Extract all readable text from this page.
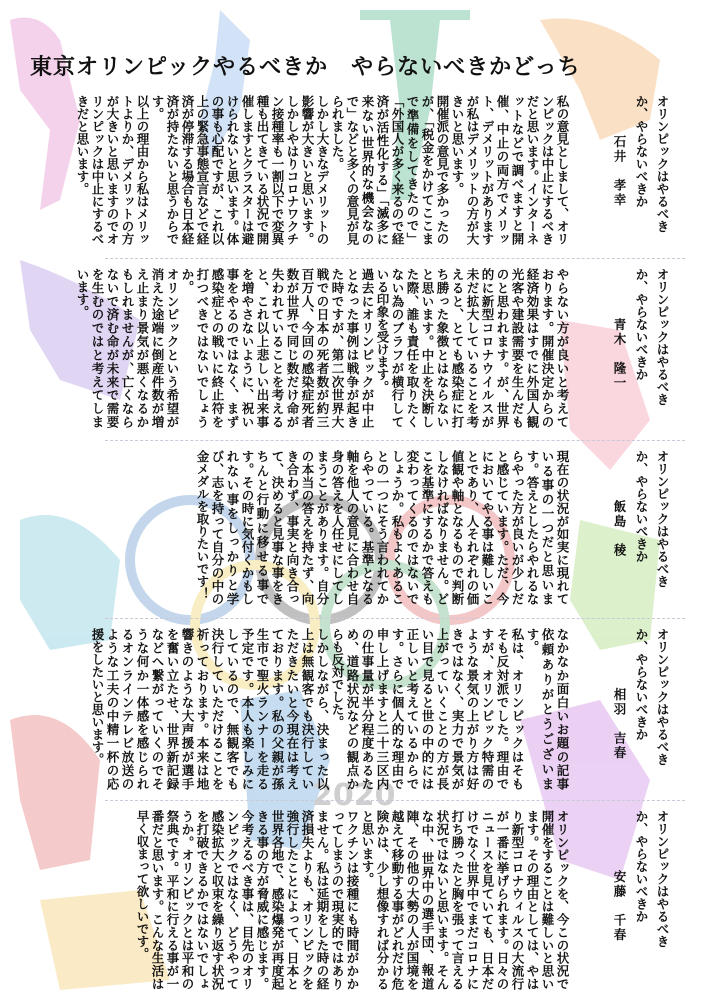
2020
東京オリンピックやるべきか　やらないべきかどっち
オリンピックはやるべき
か、やらないべきか
石井　孝幸

私の意見としまして、オリンピックは中止にするべきだと思います。インターネットなどで調べますと開催、中止の両方でメリット、デメリットがありますが私はデメリットの方が大きいと思います。

開催派の意見で多かったのが、「税金をかけてここまで準備をしてきたので」「外国人が多く来るので経済が活性化する」「滅多に来ない世界的な機会なので」などと多くの意見が見られました。

しかし大きなデメリットの影響が大きいと思います。しかしやはりコロナワクチン接種率も一割以下で変異種も出てきている状況で開催しますとクラスターは避けられないと思います。体の事も心配ですが、これ以上の緊急事態宣言などで経済が停滞する場合も日本経済が持たないと思うからです。

以上の理由から私はメリットよりか、デメリットの方が大きいと思いますのでオリンピックは中止にするべきだと思います。

オリンピックはやるべき
か、やらないべきか
青木　隆一

やらない方が良いと考えております。開催決定からの経済効果はすでに外国人観光客や建設需要を生んだものと思われます。が、世界的に新型コロナウイルスが未だ拡大していることを考えると、とても感染症に打ち勝った象徴とはならないと思います。中止を決断した際、誰も責任を取りたくない為のブラフが横行している印象を受けます。

過去にオリンピックが中止となった事例は戦争が起きた時ですが、第二次世界大戦での日本の死者数が約三百万人、今回の感染症死者数が世界で同じ数だけ命が失われていることを考えると、これ以上悲しい出来事を増やさないように、祝い事をやるのではなく、まず感染症との戦いに終止符を打つべきではないでしょうか。

オリンピックという希望が消えた途端に倒産件数が増え止まり景気が悪くなるかもしれませんが、亡くならないで済む命が未来で需要を生むのではと考えてしまいます。

オリンピックはやるべき
か、やらないべきか
飯島　稜

現在の状況が如実に現れている事の一つだと思います。答えとしたらやれるならやった方が良いが少しだと感じています。ただ、今においてやる事は難しいことであり、人それぞれの価値観や軸となるもので判断しなければなりません。どこを基準にするかで答えも変わってくるのではないでしょうか。私もよくあることの一つにそう言われてからやっている。基準となる軸を他人の意見に合わせ自身の答えを人任せにしてしまうことがあります。自分の本当の答えを持たず、向き合わず、事実と向き合って、決めると見事な事をきちんと行動に移せる事です。その時に気付くかもしれない事をしっかりと学び、志を持って自分の中の金メダルを取りたいです！

オリンピックはやるべき
か、やらないべきか
相羽　吉春

なかなか面白いお題の記事依頼ありがとうございます。

私は、オリンピックはそもそも反対派でした。理由ですが、オリンピック特需のような景気の上がり方は好きではなく、実力で景気が上がっていくことの方が長い目で見ると世の中的には正しいと考えているからです。さらに個人的な理由で申し上げますと二十三区内の仕事量が半分程度あるため、道路状況などの観点からも反対でした。

しかしながら、決まった以上は無観客でも決行していただきたいと今現在は考えております。私の父親が孫生市で聖火ランナーを走る予定です。本人も楽しみにしているので、無観客でも決行していただけることを祈っております。本来は地響きのような大声援が選手を奮い立たせ、世界新記録などへ繋がっていくのでそうな何か一体感を感じられるオンラインテレビ放送のような工夫の中精一杯の応援をしたいと思います。

オリンピックはやるべき
か、やらないべきか
安藤　千春

オリンピックを、今この状況で開催をすることは難しいと思います。その理由としては、やはり新型コロナウィルスの大流行が一番に挙げられます。日々のニュースを見ていても、日本だけでなく世界中でまだコロナに打ち勝ったと胸を張って言える状況ではないと思います。そんな中、世界中の選手団、報道陣、その他の大勢の人が国境を越えて移動する事がどれだけ危険かは、少し想像すれば分かると思います。

ワクチンは接種にも時間がかかってしまうので現実的ではありません。私は延期をした時の経済損失よりも、オリンピックを強行したことによって、日本と世界各地で、感染爆発が再度起きる事の方が脅威に感じます。今考えるべき事は、目先のオリンピックではなく、どうやって感染拡大と収束を繰り返す状況を打破できるかではないでしょうか。オリンピックとは平和の祭典です。平和に行える事が一番だと思います。こんな生活は早く収まって欲しいです。
